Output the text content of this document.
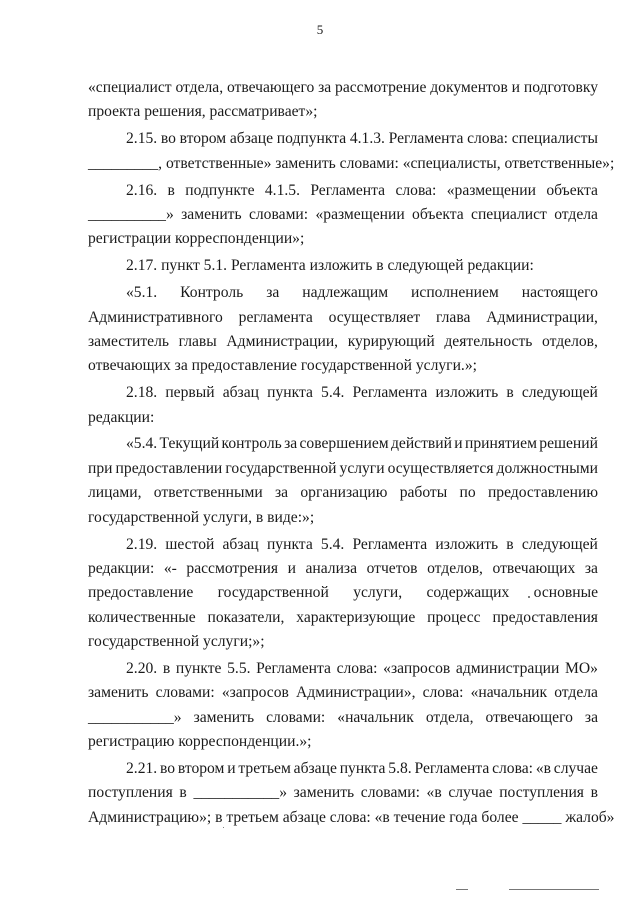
5
«специалист отдела, отвечающего за рассмотрение документов и подготовку
проекта решения, рассматривает»;
2.15. во втором абзаце подпункта 4.1.3. Регламента слова: специалисты
_________, ответственные» заменить словами: «специалисты, ответственные»;
2.16. в подпункте 4.1.5. Регламента слова: «размещении объекта
__________» заменить словами: «размещении объекта специалист отдела
регистрации корреспонденции»;
2.17. пункт 5.1. Регламента изложить в следующей редакции:
«5.1. Контроль за надлежащим исполнением настоящего
Административного регламента осуществляет глава Администрации,
заместитель главы Администрации, курирующий деятельность отделов,
отвечающих за предоставление государственной услуги.»;
2.18. первый абзац пункта 5.4. Регламента изложить в следующей
редакции:
«5.4. Текущий контроль за совершением действий и принятием решений
при предоставлении государственной услуги осуществляется должностными
лицами, ответственными за организацию работы по предоставлению
государственной услуги, в виде:»;
2.19. шестой абзац пункта 5.4. Регламента изложить в следующей
редакции: «- рассмотрения и анализа отчетов отделов, отвечающих за
предоставление государственной услуги, содержащих основные
количественные показатели, характеризующие процесс предоставления
государственной услуги;»;
2.20. в пункте 5.5. Регламента слова: «запросов администрации МО»
заменить словами: «запросов Администрации», слова: «начальник отдела
___________» заменить словами: «начальник отдела, отвечающего за
регистрацию корреспонденции.»;
2.21. во втором и третьем абзаце пункта 5.8. Регламента слова: «в случае
поступления в ___________» заменить словами: «в случае поступления в
Администрацию»; в третьем абзаце слова: «в течение года более _____ жалоб»
